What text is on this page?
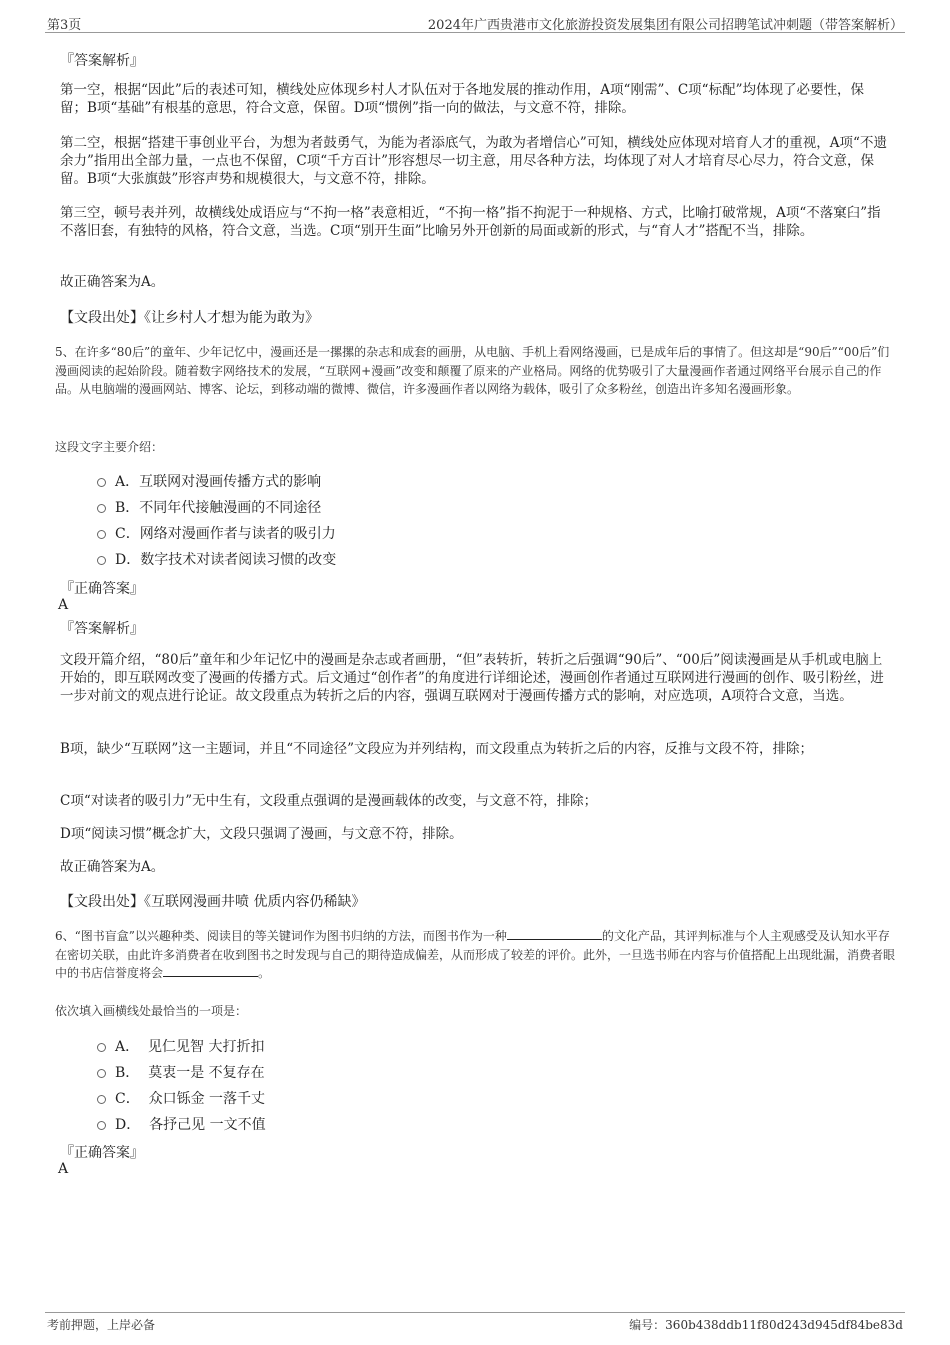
第3页	2024年广西贵港市文化旅游投资发展集团有限公司招聘笔试冲刺题（带答案解析）
『答案解析』

第一空，根据“因此”后的表述可知，横线处应体现乡村人才队伍对于各地发展的推动作用，A项“刚需”、C项“标配”均体现了必要性，保留；B项“基础”有根基的意思，符合文意，保留。D项“惯例”指一向的做法，与文意不符，排除。

第二空，根据“搭建干事创业平台，为想为者鼓勇气，为能为者添底气，为敢为者增信心”可知，横线处应体现对培育人才的重视，A项“不遗余力”指用出全部力量，一点也不保留，C项“千方百计”形容想尽一切主意，用尽各种方法，均体现了对人才培育尽心尽力，符合文意，保留。B项“大张旗鼓”形容声势和规模很大，与文意不符，排除。

第三空，顿号表并列，故横线处成语应与“不拘一格”表意相近，“不拘一格”指不拘泥于一种规格、方式，比喻打破常规，A项“不落窠臼”指不落旧套，有独特的风格，符合文意，当选。C项“别开生面”比喻另外开创新的局面或新的形式，与“育人才”搭配不当，排除。

故正确答案为A。

【文段出处】《让乡村人才想为能为敢为》

5、在许多“80后”的童年、少年记忆中，漫画还是一摞摞的杂志和成套的画册，从电脑、手机上看网络漫画，已是成年后的事情了。但这却是“90后”“00后”们漫画阅读的起始阶段。随着数字网络技术的发展，“互联网+漫画”改变和颠覆了原来的产业格局。网络的优势吸引了大量漫画作者通过网络平台展示自己的作品。从电脑端的漫画网站、博客、论坛，到移动端的微博、微信，许多漫画作者以网络为载体，吸引了众多粉丝，创造出许多知名漫画形象。

这段文字主要介绍：
A．互联网对漫画传播方式的影响
B．不同年代接触漫画的不同途径
C．网络对漫画作者与读者的吸引力
D．数字技术对读者阅读习惯的改变
『正确答案』
A
『答案解析』

文段开篇介绍，“80后”童年和少年记忆中的漫画是杂志或者画册，“但”表转折，转折之后强调“90后”、“00后”阅读漫画是从手机或电脑上开始的，即互联网改变了漫画的传播方式。后文通过“创作者”的角度进行详细论述，漫画创作者通过互联网进行漫画的创作、吸引粉丝，进一步对前文的观点进行论证。故文段重点为转折之后的内容，强调互联网对于漫画传播方式的影响，对应选项，A项符合文意，当选。

B项，缺少“互联网”这一主题词，并且“不同途径”文段应为并列结构，而文段重点为转折之后的内容，反推与文段不符，排除；

C项“对读者的吸引力”无中生有，文段重点强调的是漫画载体的改变，与文意不符，排除；

D项“阅读习惯”概念扩大，文段只强调了漫画，与文意不符，排除。

故正确答案为A。

【文段出处】《互联网漫画井喷 优质内容仍稀缺》

6、“图书盲盒”以兴趣种类、阅读目的等关键词作为图书归纳的方法，而图书作为一种	的文化产品，其评判标准与个人主观感受及认知水平存在密切关联，由此许多消费者在收到图书之时发现与自己的期待造成偏差，从而形成了较差的评价。此外，一旦选书师在内容与价值搭配上出现纰漏，消费者眼中的书店信誉度将会	。

依次填入画横线处最恰当的一项是：
A．  见仁见智 大打折扣
B．  莫衷一是 不复存在
C．  众口铄金 一落千丈
D．  各抒己见 一文不值
『正确答案』
A
考前押题，上岸必备	编号：360b438ddb11f80d243d945df84be83d
